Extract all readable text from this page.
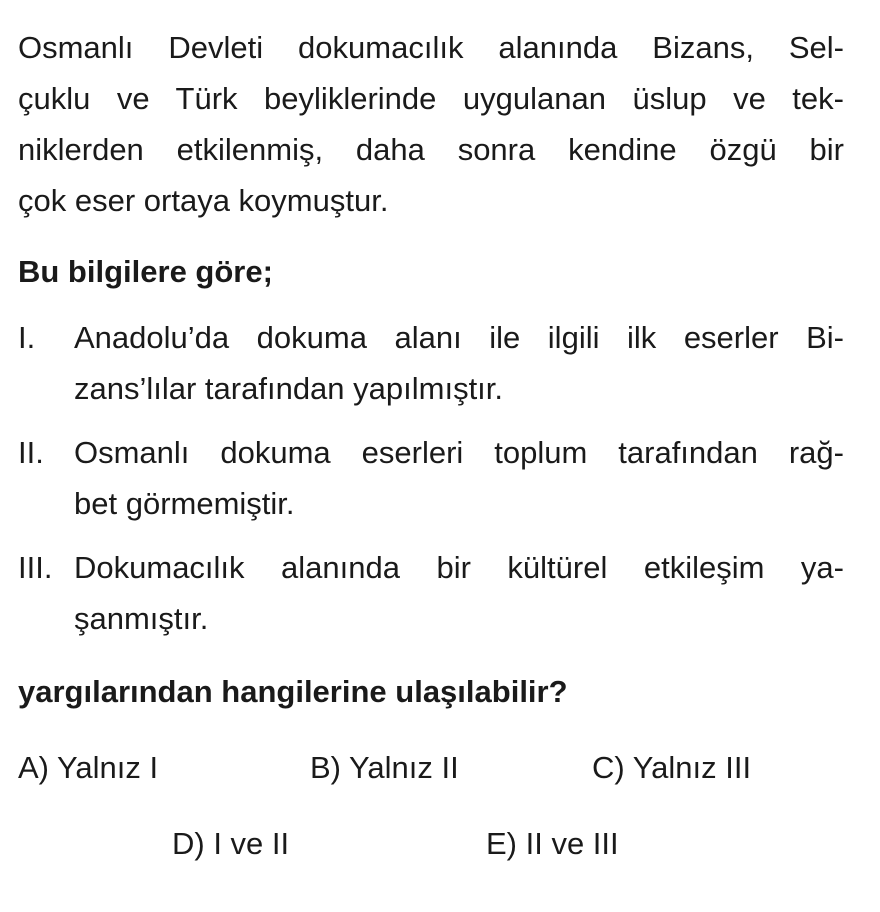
Osmanlı Devleti dokumacılık alanında Bizans, Sel-
çuklu ve Türk beyliklerinde uygulanan üslup ve tek-
niklerden etkilenmiş, daha sonra kendine özgü bir
çok eser ortaya koymuştur.
Bu bilgilere göre;
I.	Anadolu’da dokuma alanı ile ilgili ilk eserler Bi-
zans’lılar tarafından yapılmıştır.
II. Osmanlı dokuma eserleri toplum tarafından rağ-
bet görmemiştir.
III. Dokumacılık alanında bir kültürel etkileşim ya-
şanmıştır.
yargılarından hangilerine ulaşılabilir?
A) Yalnız I	B) Yalnız II	C) Yalnız III
D) I ve II	E) II ve III
